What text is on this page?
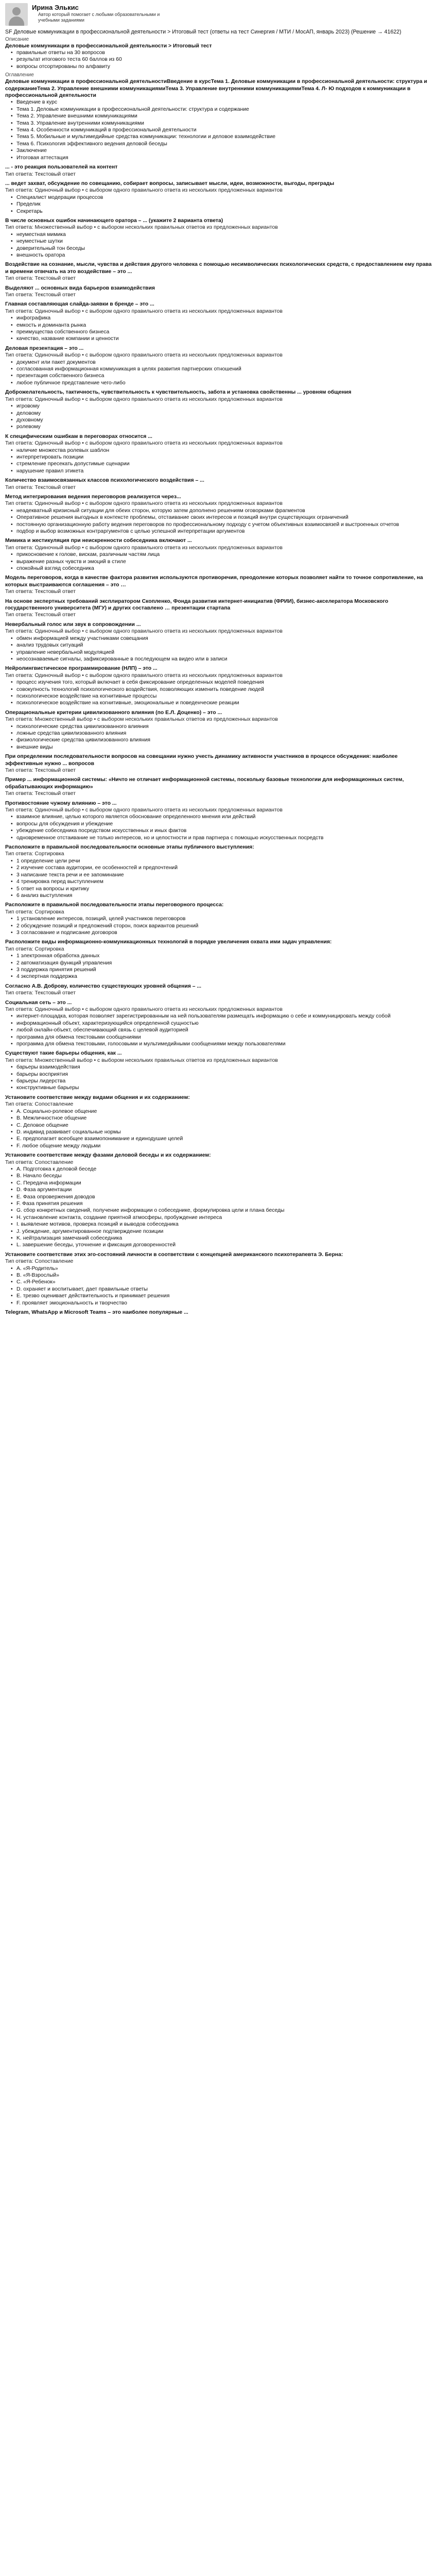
Ирина Элькис
Автор который помогает с любыми образовательными и
учебными заданиями
SF Деловые коммуникации в профессиональной деятельности > Итоговый тест (ответы на тест Синергия / МТИ / МосАП, январь 2023) (Решение → 41622)
Описание
Деловые коммуникации в профессиональной деятельности > Итоговый тест
• правильные ответы на 30 вопросов
• результат итогового теста 60 баллов из 60
• вопросы отсортированы по алфавиту
Оглавление
Деловые коммуникации в профессиональной деятельностиВведение в курсТема 1. Деловые коммуникации в профессиональной деятельности: структура и содержаниеТема 2. Управление внешними коммуникациямиТема 3. Управление внутренними коммуникациямиТема 4. Л- Ю подходов к коммуникации в профессиональной деятельности
• Введение в курс
• Тема 1. Деловые коммуникации в профессиональной деятельности: структура и содержание
• Тема 2. Управление внешними коммуникациями
• Тема 3. Управление внутренними коммуникациями
• Тема 4. Особенности коммуникаций в профессиональной деятельности
• Тема 5. Мобильные и мультимедийные средства коммуникации: технологии и деловое взаимодействие
• Тема 6. Психология эффективного ведения деловой беседы
• Заключение
• Итоговая аттестация
... - это реакция пользователей на контент
Тип ответа: Текстовый ответ
... ведет захват, обсуждение по совещанию, собирает вопросы, записывает мысли, идеи, возможности, выгоды, преграды
Тип ответа: Одиночный выбор • с выбором одного правильного ответа из нескольких предложенных вариантов
• Специалист модерации процессов
• Пределик
• Секретарь
В числе основных ошибок начинающего оратора – ... (укажите 2 варианта ответа)
Тип ответа: Множественный выбор • с выбором нескольких правильных ответов из предложенных вариантов
• неуместная мимика
• неуместные шутки
• доверительный тон беседы
• внешность оратора
Воздействие на сознание, мысли, чувства и действия другого человека с помощью несимволических психологических средств, с предоставлением ему права и времени отвечать на это воздействие – это ...
Тип ответа: Текстовый ответ
Выделяют ... основных вида барьеров взаимодействия
Тип ответа: Текстовый ответ
Главная составляющая слайда-заявки в бренде – это ...
Тип ответа: Одиночный выбор • с выбором одного правильного ответа из нескольких предложенных вариантов
• инфографика
• емкость и доминанта рынка
• преимущества собственного бизнеса
• качество, название компании и ценности
Деловая презентация – это ...
Тип ответа: Одиночный выбор • с выбором одного правильного ответа из нескольких предложенных вариантов
• документ или пакет документов
• согласованная информационная коммуникация в целях развития партнерских отношений
• презентация собственного бизнеса
• любое публичное представление чего-либо
Доброжелательность, тактичность, чувствительность к чувствительность, забота и установка свойственны ... уровням общения
Тип ответа: Одиночный выбор • с выбором одного правильного ответа из нескольких предложенных вариантов
• игровому
• деловому
• духовному
• ролевому
К специфическим ошибкам в переговорах относится ...
Тип ответа: Одиночный выбор • с выбором одного правильного ответа из нескольких предложенных вариантов
• наличие множества ролевых шаблон
• интерпретировать позиции
• стремление пресекать допустимые сценарии
• нарушение правил этикета
Количество взаимосвязанных классов психологического воздействия – ...
Тип ответа: Текстовый ответ
Метод интегрирования ведения переговоров реализуется через...
Тип ответа: Одиночный выбор • с выбором одного правильного ответа из нескольких предложенных вариантов
• неадекватный кризисный ситуации для обеих сторон, которую затем дополнено решениям оговорками фрагментов
• Оперативное решения выгодных в контексте проблемы, отстаивание своих интересов и позиций внутри существующих ограничений
• постоянную организационную работу ведения переговоров по профессиональному подходу с учетом объективных взаимосвязей и выстроенных отчетов
• подбор и выбор возможных контраргументов с целью успешной интерпретации аргументов
Мимика и жестикуляция при неискренности собеседника включают ...
Тип ответа: Одиночный выбор • с выбором одного правильного ответа из нескольких предложенных вариантов
• прикосновение к голове, вискам, различным частям лица
• выражение разных чувств и эмоций в стиле
• спокойный взгляд собеседника
Модель переговоров, когда в качестве фактора развития используются противоречия, преодоление которых позволяет найти то точное сопротивление, на которых выстраиваются соглашения – это …
Тип ответа: Текстовый ответ
На основе экспертных требований эксплиратором Скопленко, Фонда развития интернет-инициатив (ФРИИ), бизнес-акселератора Московского государственного университета (МГУ) и других составлено … презентации стартапа
Тип ответа: Текстовый ответ
Невербальный голос или звук в сопровождении ...
Тип ответа: Одиночный выбор • с выбором одного правильного ответа из нескольких предложенных вариантов
• обмен информацией между участниками совещания
• анализ трудовых ситуаций
• управление невербальной модуляцией
• неосознаваемые сигналы, зафиксированные в последующем на видео или в записи
Нейролингвистическое программирование (НЛП) – это ...
Тип ответа: Одиночный выбор • с выбором одного правильного ответа из нескольких предложенных вариантов
• процесс изучения того, который включает в себя фиксирование определенных моделей поведения
• совокупность технологий психологического воздействия, позволяющих изменить поведение людей
• психологическое воздействие на когнитивные процессы
• психологическое воздействие на когнитивные, эмоциональные и поведенческие реакции
Операциональные критерии цивилизованного влияния (по Е.Л. Доценко) – это ...
Тип ответа: Множественный выбор • с выбором нескольких правильных ответов из предложенных вариантов
• психологические средства цивилизованного влияния
• ложные средства цивилизованного влияния
• физиологические средства цивилизованного влияния
• внешние виды
При определении последовательности вопросов на совещании нужно учесть динамику активности участников в процессе обсуждения: наиболее эффективные нужно ... вопросов
Тип ответа: Текстовый ответ
Пример ... информационной системы: «Ничто не отличает информационной системы, поскольку базовые технологии для информационных систем, обрабатывающих информацию»
Тип ответа: Текстовый ответ
Противостояние чужому влиянию – это ...
Тип ответа: Одиночный выбор • с выбором одного правильного ответа из нескольких предложенных вариантов
• взаимное влияние, целью которого является обоснование определенного мнения или действий
• вопросы для обсуждения и убеждение
• убеждение собеседника посредством искусственных и иных фактов
• одновременное отстаивание не только интересов, но и целостности и прав партнера с помощью искусственных посредств
Расположите в правильной последовательности основные этапы публичного выступления:
Тип ответа: Сортировка
• 1 определение цели речи
• 2 изучение состава аудитории, ее особенностей и предпочтений
• 3 написание текста речи и ее запоминание
• 4 тренировка перед выступлением
• 5 ответ на вопросы и критику
• 6 анализ выступления
Расположите в правильной последовательности этапы переговорного процесса:
Тип ответа: Сортировка
• 1 установление интересов, позиций, целей участников переговоров
• 2 обсуждение позиций и предложений сторон, поиск вариантов решений
• 3 согласование и подписание договоров
Расположите виды информационно-коммуникационных технологий в порядке увеличения охвата ими задач управления:
Тип ответа: Сортировка
• 1 электронная обработка данных
• 2 автоматизация функций управления
• 3 поддержка принятия решений
• 4 экспертная поддержка
Согласно А.В. Доброву, количество существующих уровней общения – ...
Тип ответа: Текстовый ответ
Социальная сеть – это ...
Тип ответа: Одиночный выбор • с выбором одного правильного ответа из нескольких предложенных вариантов
• интернет-площадка, которая позволяет зарегистрированным на ней пользователям размещать информацию о себе и коммуницировать между собой
• информационный объект, характеризующийся определенной сущностью
• любой онлайн-объект, обеспечивающий связь с целевой аудиторией
• программа для обмена текстовыми сообщениями
• программа для обмена текстовыми, голосовыми и мультимедийными сообщениями между пользователями
Существуют такие барьеры общения, как ...
Тип ответа: Множественный выбор • с выбором нескольких правильных ответов из предложенных вариантов
• барьеры взаимодействия
• барьеры восприятия
• барьеры лидерства
• конструктивные барьеры
Установите соответствие между видами общения и их содержанием:
Тип ответа: Сопоставление
• A. Социально-ролевое общение
• B. Межличностное общение
• C. Деловое общение
• D. индивид развивает социальные нормы
• E. предполагает всеобщее взаимопонимание и единодушие целей
• F. любое общение между людьми
Установите соответствие между фазами деловой беседы и их содержанием:
Тип ответа: Сопоставление
• A. Подготовка к деловой беседе
• B. Начало беседы
• C. Передача информации
• D. Фаза аргументации
• E. Фаза опровержения доводов
• F. Фаза принятия решения
• G. сбор конкретных сведений, получение информации о собеседнике, формулировка цели и плана беседы
• H. установление контакта, создание приятной атмосферы, пробуждение интереса
• I. выявление мотивов, проверка позиций и выводов собеседника
• J. убеждение, аргументированное подтверждение позиции
• K. нейтрализация замечаний собеседника
• L. завершение беседы, уточнение и фиксация договоренностей
Установите соответствие этих эго-состояний личности в соответствии с концепцией американского психотерапевта Э. Берна:
Тип ответа: Сопоставление
• A. «Я-Родитель»
• B. «Я-Взрослый»
• C. «Я-Ребенок»
• D. охраняет и воспитывает, дает правильные ответы
• E. трезво оценивает действительность и принимает решения
• F. проявляет эмоциональность и творчество
Telegram, WhatsApp и Microsoft Teams – это наиболее популярные ...
